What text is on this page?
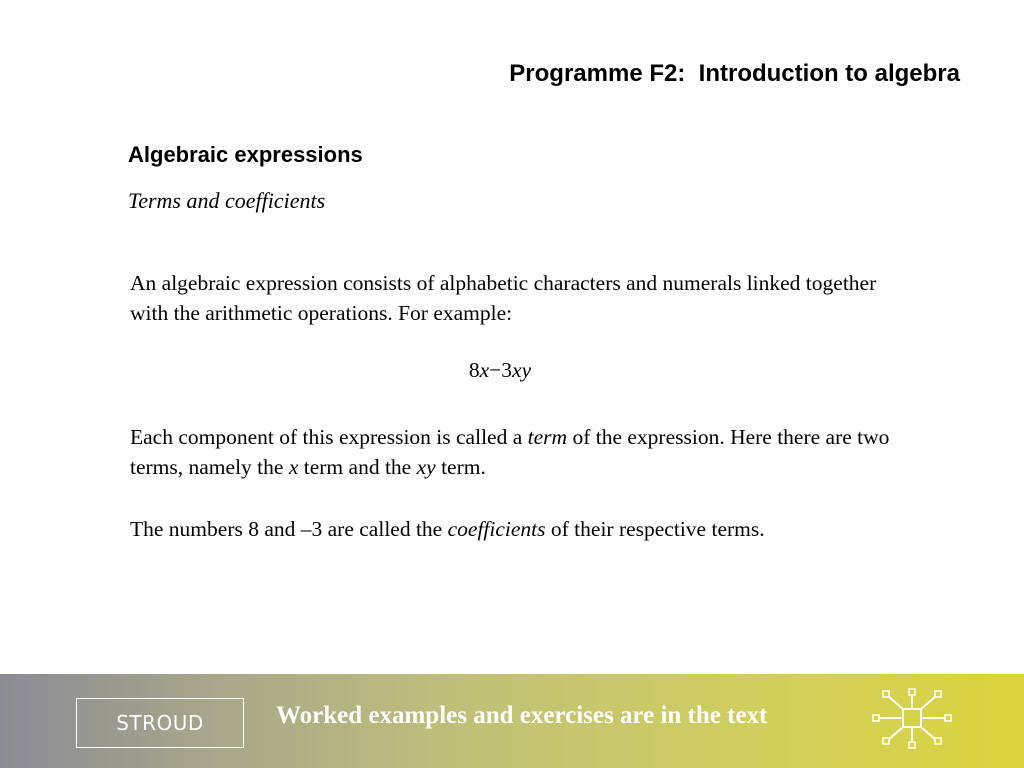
Programme F2:  Introduction to algebra
Algebraic expressions
Terms and coefficients
An algebraic expression consists of alphabetic characters and numerals linked together with the arithmetic operations. For example:
8x−3xy
Each component of this expression is called a term of the expression. Here there are two terms, namely the x term and the xy term.
The numbers 8 and –3 are called the coefficients of their respective terms.
STROUD	Worked examples and exercises are in the text
